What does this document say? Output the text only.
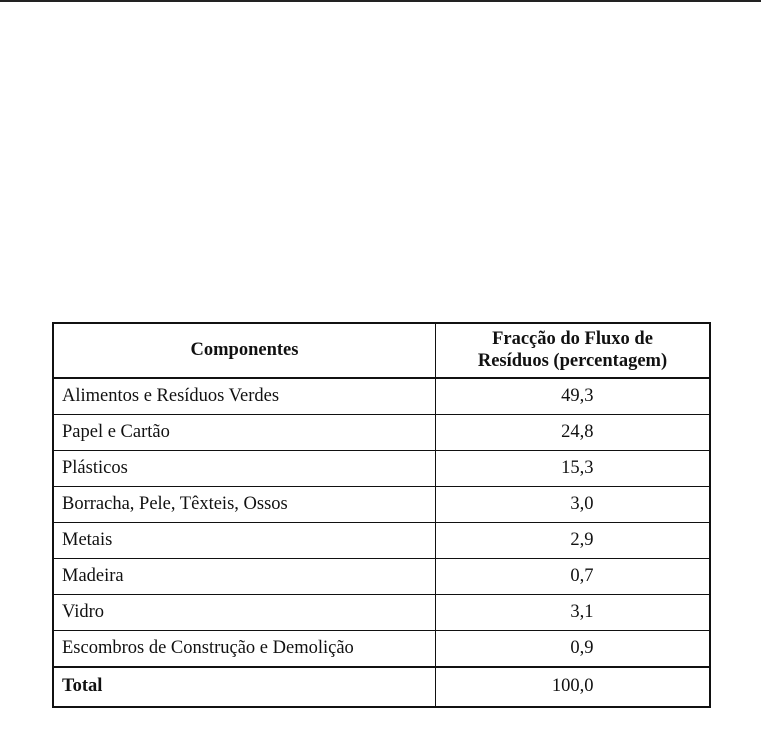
Componentes	Fracção do Fluxo de
Resíduos (percentagem)

Alimentos e Resíduos Verdes	49,3
Papel e Cartão	24,8
Plásticos	15,3
Borracha, Pele, Têxteis, Ossos	3,0
Metais	2,9
Madeira	0,7
Vidro	3,1
Escombros de Construção e Demolição	0,9
Total	100,0
